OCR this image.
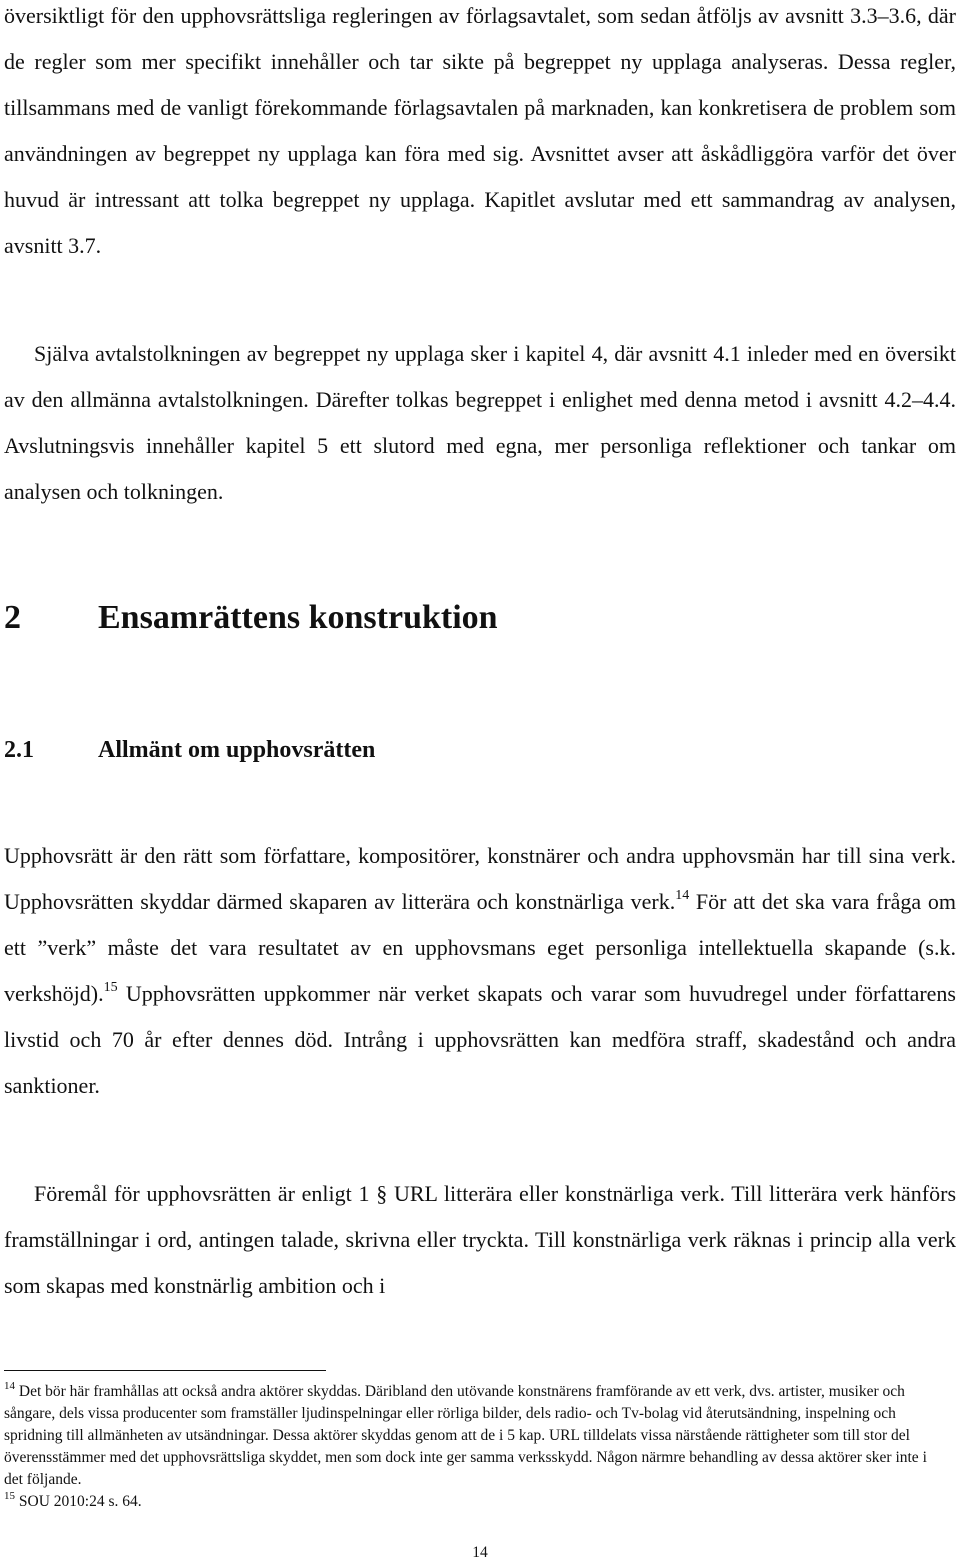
översiktligt för den upphovsrättsliga regleringen av förlagsavtalet, som sedan åtföljs av avsnitt 3.3–3.6, där de regler som mer specifikt innehåller och tar sikte på begreppet ny upplaga analyseras. Dessa regler, tillsammans med de vanligt förekommande förlagsavtalen på marknaden, kan konkretisera de problem som användningen av begreppet ny upplaga kan föra med sig. Avsnittet avser att åskådliggöra varför det över huvud är intressant att tolka begreppet ny upplaga. Kapitlet avslutar med ett sammandrag av analysen, avsnitt 3.7.

Själva avtalstolkningen av begreppet ny upplaga sker i kapitel 4, där avsnitt 4.1 inleder med en översikt av den allmänna avtalstolkningen. Därefter tolkas begreppet i enlighet med denna metod i avsnitt 4.2–4.4. Avslutningsvis innehåller kapitel 5 ett slutord med egna, mer personliga reflektioner och tankar om analysen och tolkningen.

2 Ensamrättens konstruktion
2.1	Allmänt om upphovsrätten

Upphovsrätt är den rätt som författare, kompositörer, konstnärer och andra upphovsmän har till sina verk. Upphovsrätten skyddar därmed skaparen av litterära och konstnärliga verk.$^{14}$ För att det ska vara fråga om ett ”verk” måste det vara resultatet av en upphovsmans eget personliga intellektuella skapande (s.k. verkshöjd).$^{15}$ Upphovsrätten uppkommer när verket skapats och varar som huvudregel under författarens livstid och 70 år efter dennes död. Intrång i upphovsrätten kan medföra straff, skadestånd och andra sanktioner.

Föremål för upphovsrätten är enligt 1 § URL litterära eller konstnärliga verk. Till litterära verk hänförs framställningar i ord, antingen talade, skrivna eller tryckta. Till konstnärliga verk räknas i princip alla verk som skapas med konstnärlig ambition och i

$^{14}$ Det bör här framhållas att också andra aktörer skyddas. Däribland den utövande konstnärens framförande av ett verk, dvs. artister, musiker och sångare, dels vissa producenter som framställer ljudinspelningar eller rörliga bilder, dels radio- och Tv-bolag vid återutsändning, inspelning och spridning till allmänheten av utsändningar. Dessa aktörer skyddas genom att de i 5 kap. URL tilldelats vissa närstående rättigheter som till stor del överensstämmer med det upphovsrättsliga skyddet, men som dock inte ger samma verksskydd. Någon närmre behandling av dessa aktörer sker inte i det följande.

$^{15}$ SOU 2010:24 s. 64.

14
